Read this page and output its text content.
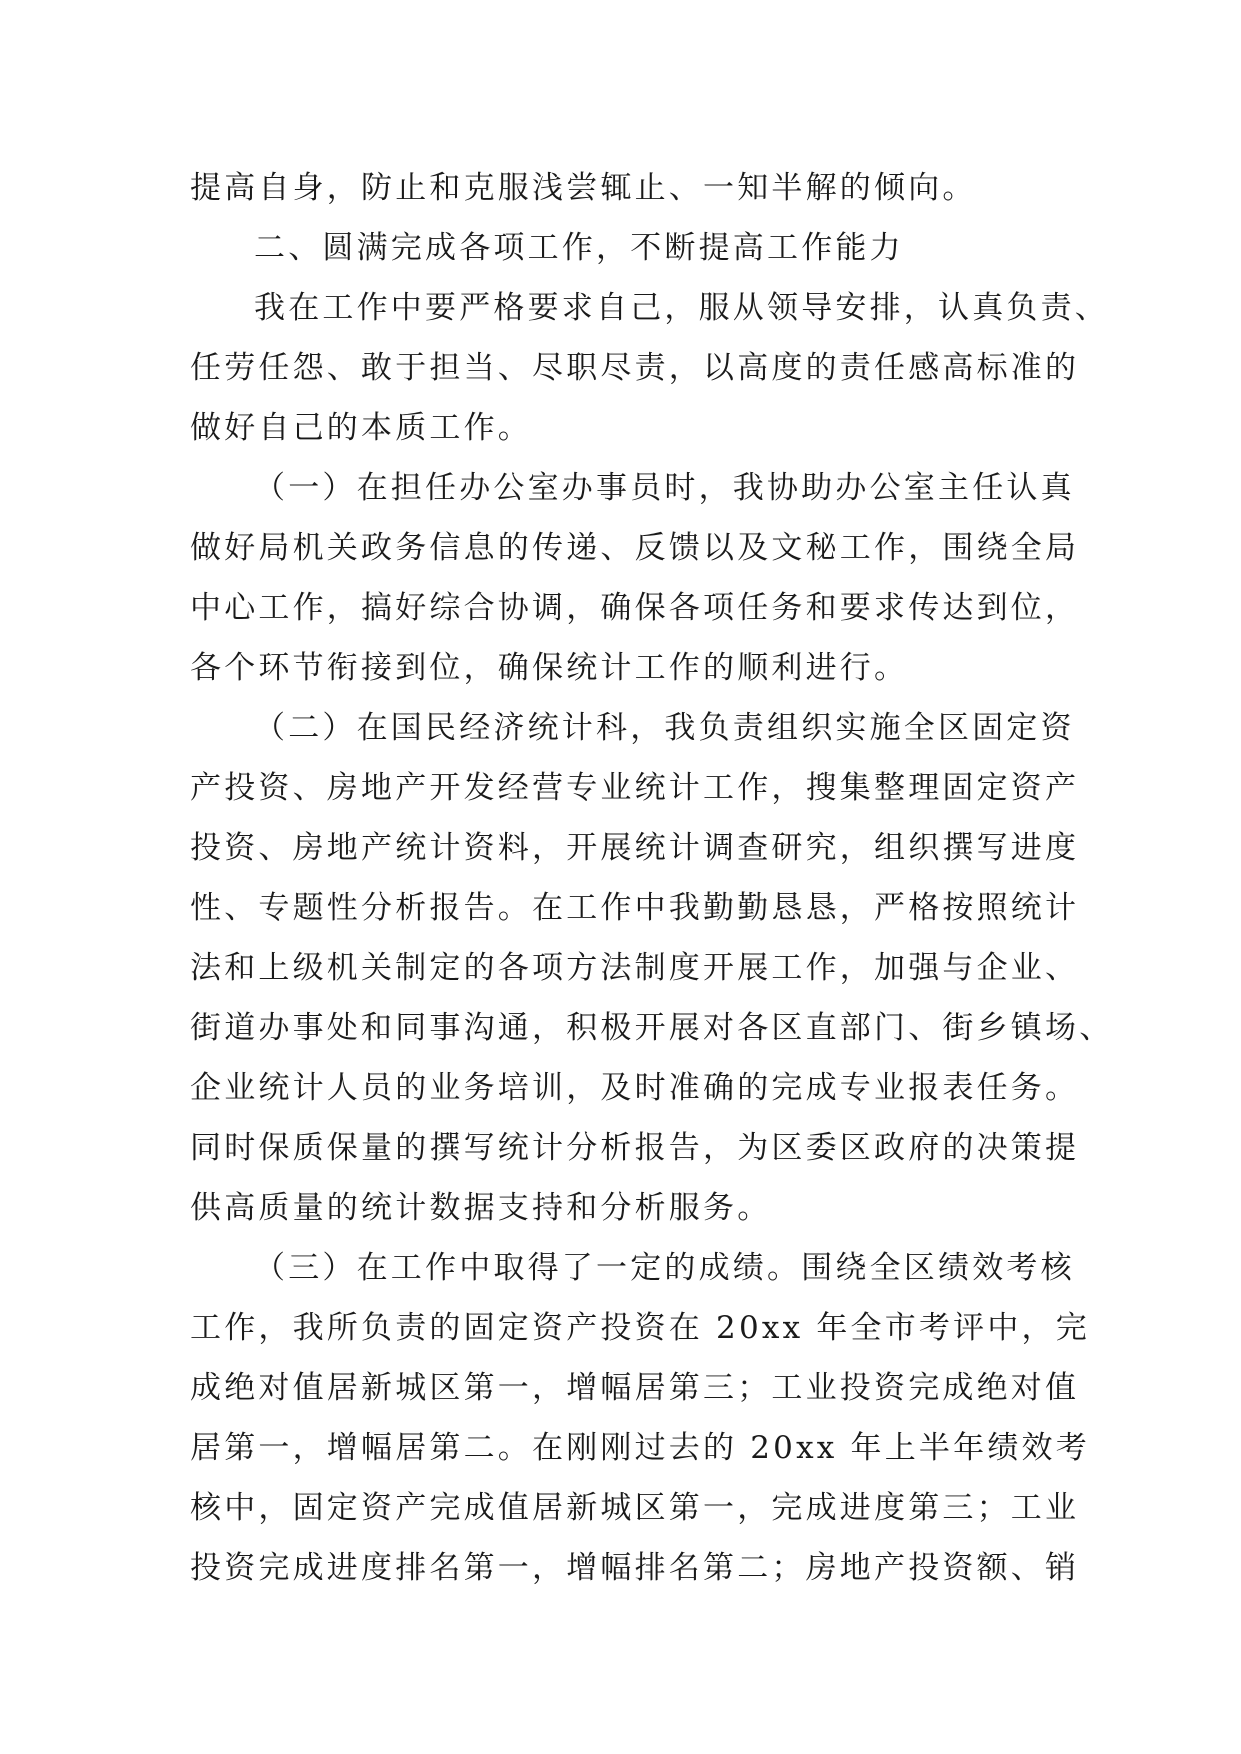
提高自身，防止和克服浅尝辄止、一知半解的倾向。
二、圆满完成各项工作，不断提高工作能力
我在工作中要严格要求自己，服从领导安排，认真负责、
任劳任怨、敢于担当、尽职尽责，以高度的责任感高标准的
做好自己的本质工作。
（一）在担任办公室办事员时，我协助办公室主任认真
做好局机关政务信息的传递、反馈以及文秘工作，围绕全局
中心工作，搞好综合协调，确保各项任务和要求传达到位，
各个环节衔接到位，确保统计工作的顺利进行。
（二）在国民经济统计科，我负责组织实施全区固定资
产投资、房地产开发经营专业统计工作，搜集整理固定资产
投资、房地产统计资料，开展统计调查研究，组织撰写进度
性、专题性分析报告。在工作中我勤勤恳恳，严格按照统计
法和上级机关制定的各项方法制度开展工作，加强与企业、
街道办事处和同事沟通，积极开展对各区直部门、街乡镇场、
企业统计人员的业务培训，及时准确的完成专业报表任务。
同时保质保量的撰写统计分析报告，为区委区政府的决策提
供高质量的统计数据支持和分析服务。
（三）在工作中取得了一定的成绩。围绕全区绩效考核
工作，我所负责的固定资产投资在 20xx 年全市考评中，完
成绝对值居新城区第一，增幅居第三；工业投资完成绝对值
居第一，增幅居第二。在刚刚过去的 20xx 年上半年绩效考
核中，固定资产完成值居新城区第一，完成进度第三；工业
投资完成进度排名第一，增幅排名第二；房地产投资额、销
